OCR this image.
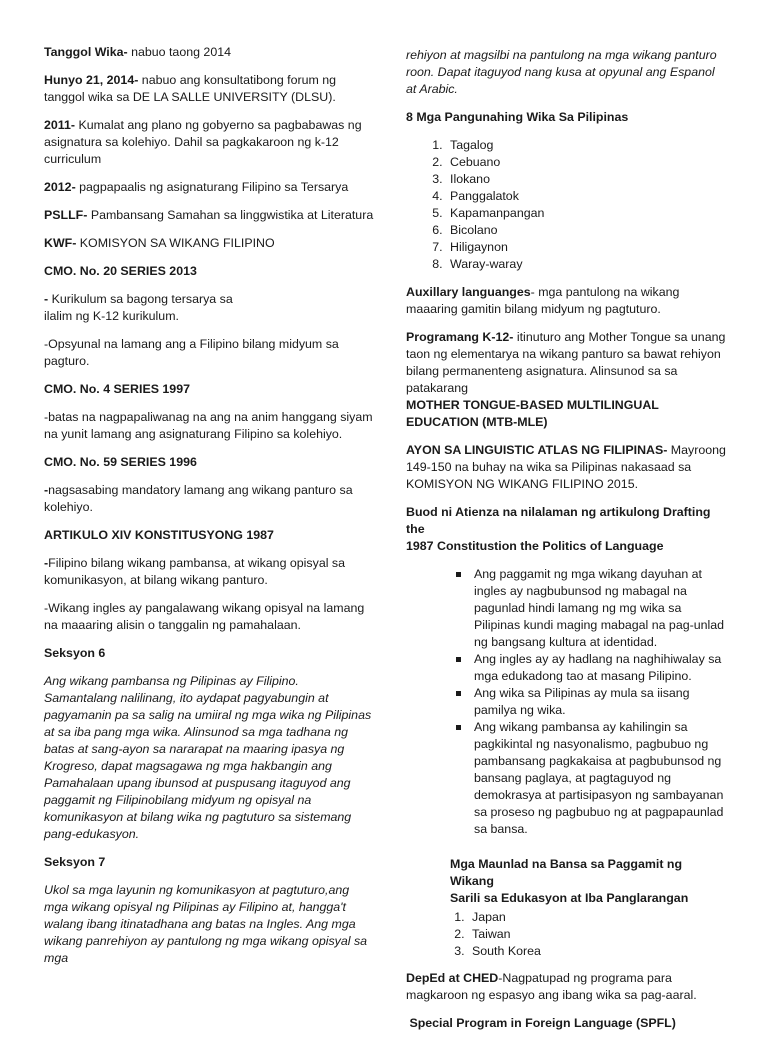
Tanggol Wika- nabuo taong 2014

Hunyo 21, 2014- nabuo ang konsultatibong forum ng tanggol wika sa DE LA SALLE UNIVERSITY (DLSU).

2011- Kumalat ang plano ng gobyerno sa pagbabawas ng asignatura sa kolehiyo. Dahil sa pagkakaroon ng k-12 curriculum

2012- pagpapaalis ng asignaturang Filipino sa Tersarya

PSLLF- Pambansang Samahan sa linggwistika at Literatura

KWF- KOMISYON SA WIKANG FILIPINO

CMO. No. 20 SERIES 2013

- Kurikulum sa bagong tersarya sa
ilalim ng K-12 kurikulum.

-Opsyunal na lamang ang a Filipino bilang midyum sa pagturo.

CMO. No. 4 SERIES 1997

-batas na nagpapaliwanag na ang na anim hanggang siyam na yunit lamang ang asignaturang Filipino sa kolehiyo.

CMO. No. 59 SERIES 1996

-nagsasabing mandatory lamang ang wikang panturo sa kolehiyo.

ARTIKULO XIV KONSTITUSYONG 1987

-Filipino bilang wikang pambansa, at wikang opisyal sa komunikasyon, at bilang wikang panturo.

-Wikang ingles ay pangalawang wikang opisyal na lamang na maaaring alisin o tanggalin ng pamahalaan.

Seksyon 6

Ang wikang pambansa ng Pilipinas ay Filipino. Samantalang nalilinang, ito aydapat pagyabungin at pagyamanin pa sa salig na umiiral ng mga wika ng Pilipinas at sa iba pang mga wika. Alinsunod sa mga tadhana ng batas at sang-ayon sa nararapat na maaring ipasya ng Krogreso, dapat magsagawa ng mga hakbangin ang Pamahalaan upang ibunsod at puspusang itaguyod ang paggamit ng Filipinobilang midyum ng opisyal na komunikasyon at bilang wika ng pagtuturo sa sistemang pang-edukasyon.

Seksyon 7

Ukol sa mga layunin ng komunikasyon at pagtuturo,ang mga wikang opisyal ng Pilipinas ay Filipino at, hangga't walang ibang itinatadhana ang batas na Ingles. Ang mga wikang panrehiyon ay pantulong ng mga wikang opisyal sa mga

rehiyon at magsilbi na pantulong na mga wikang panturo roon. Dapat itaguyod nang kusa at opyunal ang Espanol at Arabic.

8 Mga Pangunahing Wika Sa Pilipinas

1. Tagalog
2. Cebuano
3. Ilokano
4. Panggalatok
5. Kapamanpangan
6. Bicolano
7. Hiligaynon
8. Waray-waray

Auxillary languanges- mga pantulong na wikang maaaring gamitin bilang midyum ng pagtuturo.

Programang K-12- itinuturo ang Mother Tongue sa unang taon ng elementarya na wikang panturo sa bawat rehiyon bilang permanenteng asignatura. Alinsunod sa sa patakarang
MOTHER TONGUE-BASED MULTILINGUAL EDUCATION (MTB-MLE)

AYON SA LINGUISTIC ATLAS NG FILIPINAS- Mayroong 149-150 na buhay na wika sa Pilipinas nakasaad sa KOMISYON NG WIKANG FILIPINO 2015.

Buod ni Atienza na nilalaman ng artikulong Drafting the
1987 Constitustion the Politics of Language

Ang paggamit ng mga wikang dayuhan at ingles ay nagbubunsod ng mabagal na pagunlad hindi lamang ng mg wika sa Pilipinas kundi maging mabagal na pag-unlad ng bangsang kultura at identidad.
Ang ingles ay ay hadlang na naghihiwalay sa mga edukadong tao at masang Pilipino.
Ang wika sa Pilipinas ay mula sa iisang pamilya ng wika.
Ang wikang pambansa ay kahilingin sa pagkikintal ng nasyonalismo, pagbubuo ng pambansang pagkakaisa at pagbubunsod ng bansang paglaya, at pagtaguyod ng demokrasya at partisipasyon ng sambayanan sa proseso ng pagbubuo ng at pagpapaunlad sa bansa.

Mga Maunlad na Bansa sa Paggamit ng Wikang
Sarili sa Edukasyon at Iba Panglarangan

1. Japan
2. Taiwan
3. South Korea

DepEd at CHED-Nagpatupad ng programa para magkaroon ng espasyo ang ibang wika sa pag-aaral.

Special Program in Foreign Language (SPFL)
